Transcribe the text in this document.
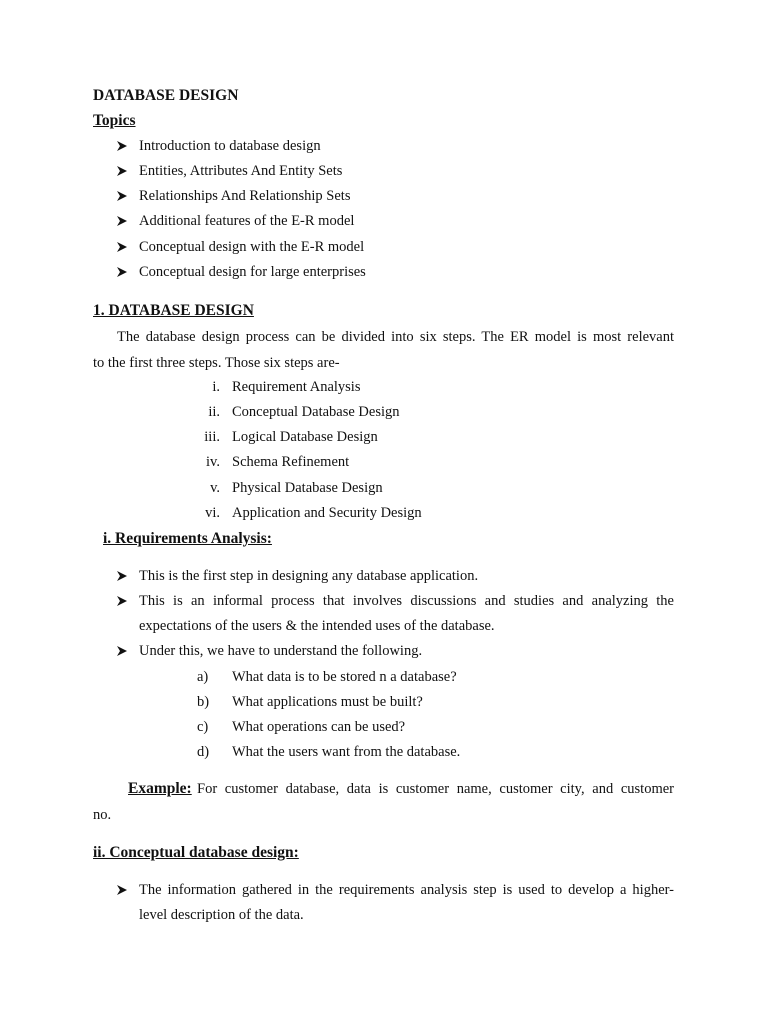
DATABASE DESIGN
Topics
Introduction to database design
Entities, Attributes And Entity Sets
Relationships And Relationship Sets
Additional features of the E-R model
Conceptual design with the E-R model
Conceptual design for large enterprises
1. DATABASE DESIGN
The database design process can be divided into six steps. The ER model is most relevant
to the first three steps. Those six steps are-
i. Requirement Analysis
ii. Conceptual Database Design
iii. Logical Database Design
iv. Schema Refinement
v. Physical Database Design
vi. Application and Security Design
i. Requirements Analysis:
This is the first step in designing any database application.
This is an informal process that involves discussions and studies and analyzing the
expectations of the users & the intended uses of the database.
Under this, we have to understand the following.
a) What data is to be stored n a database?
b) What applications must be built?
c) What operations can be used?
d) What the users want from the database.
Example: For customer database, data is customer name, customer city, and customer
no.
ii. Conceptual database design:
The information gathered in the requirements analysis step is used to develop a higher-
level description of the data.
